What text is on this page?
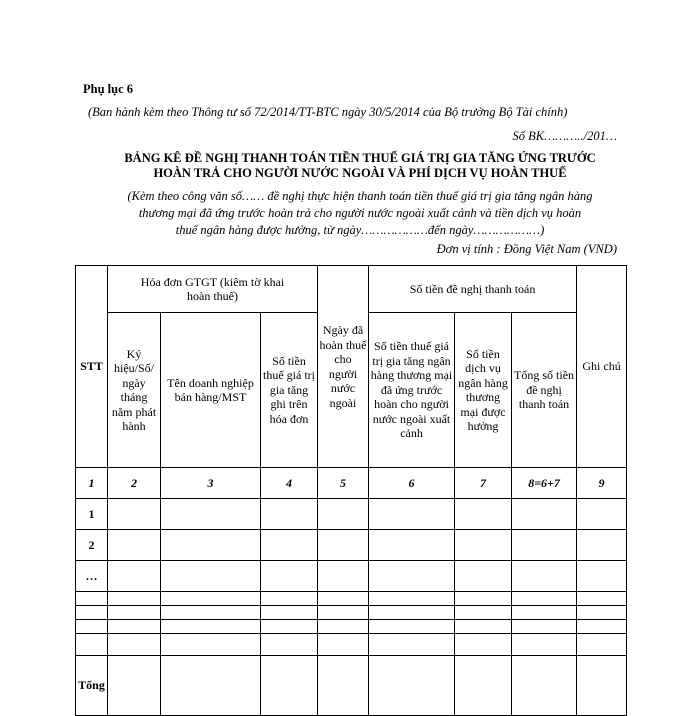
Phụ lục 6
(Ban hành kèm theo Thông tư số 72/2014/TT-BTC ngày 30/5/2014 của Bộ trưởng Bộ Tài chính)
Số BK………../201…
BẢNG KÊ ĐỀ NGHỊ THANH TOÁN TIỀN THUẾ GIÁ TRỊ GIA TĂNG ỨNG TRƯỚC
HOÀN TRẢ CHO NGƯỜI NƯỚC NGOÀI VÀ PHÍ DỊCH VỤ HOÀN THUẾ
(Kèm theo công văn số…… đề nghị thực hiện thanh toán tiền thuế giá trị gia tăng ngân hàng
thương mại đã ứng trước hoàn trả cho người nước ngoài xuất cảnh và tiền dịch vụ hoàn
thuế ngân hàng được hưởng, từ ngày………………đến ngày………………)
Đơn vị tính : Đồng Việt Nam (VND)
STT	Hóa đơn GTGT (kiêm tờ khai hoàn thuế)			Ngày đã hoàn thuế cho người nước ngoài	Số tiền đề nghị thanh toán			Ghi chú
	Ký hiệu/Số/ ngày tháng năm phát hành	Tên doanh nghiệp bán hàng/MST	Số tiền thuế giá trị gia tăng ghi trên hóa đơn		Số tiền thuế giá trị gia tăng ngân hàng thương mại đã ứng trước hoàn cho người nước ngoài xuất cảnh	Số tiền dịch vụ ngân hàng thương mại được hưởng	Tổng số tiền đề nghị thanh toán	
1	2	3	4	5	6	7	8=6+7	9
1								
2								
…								

Tổng								
